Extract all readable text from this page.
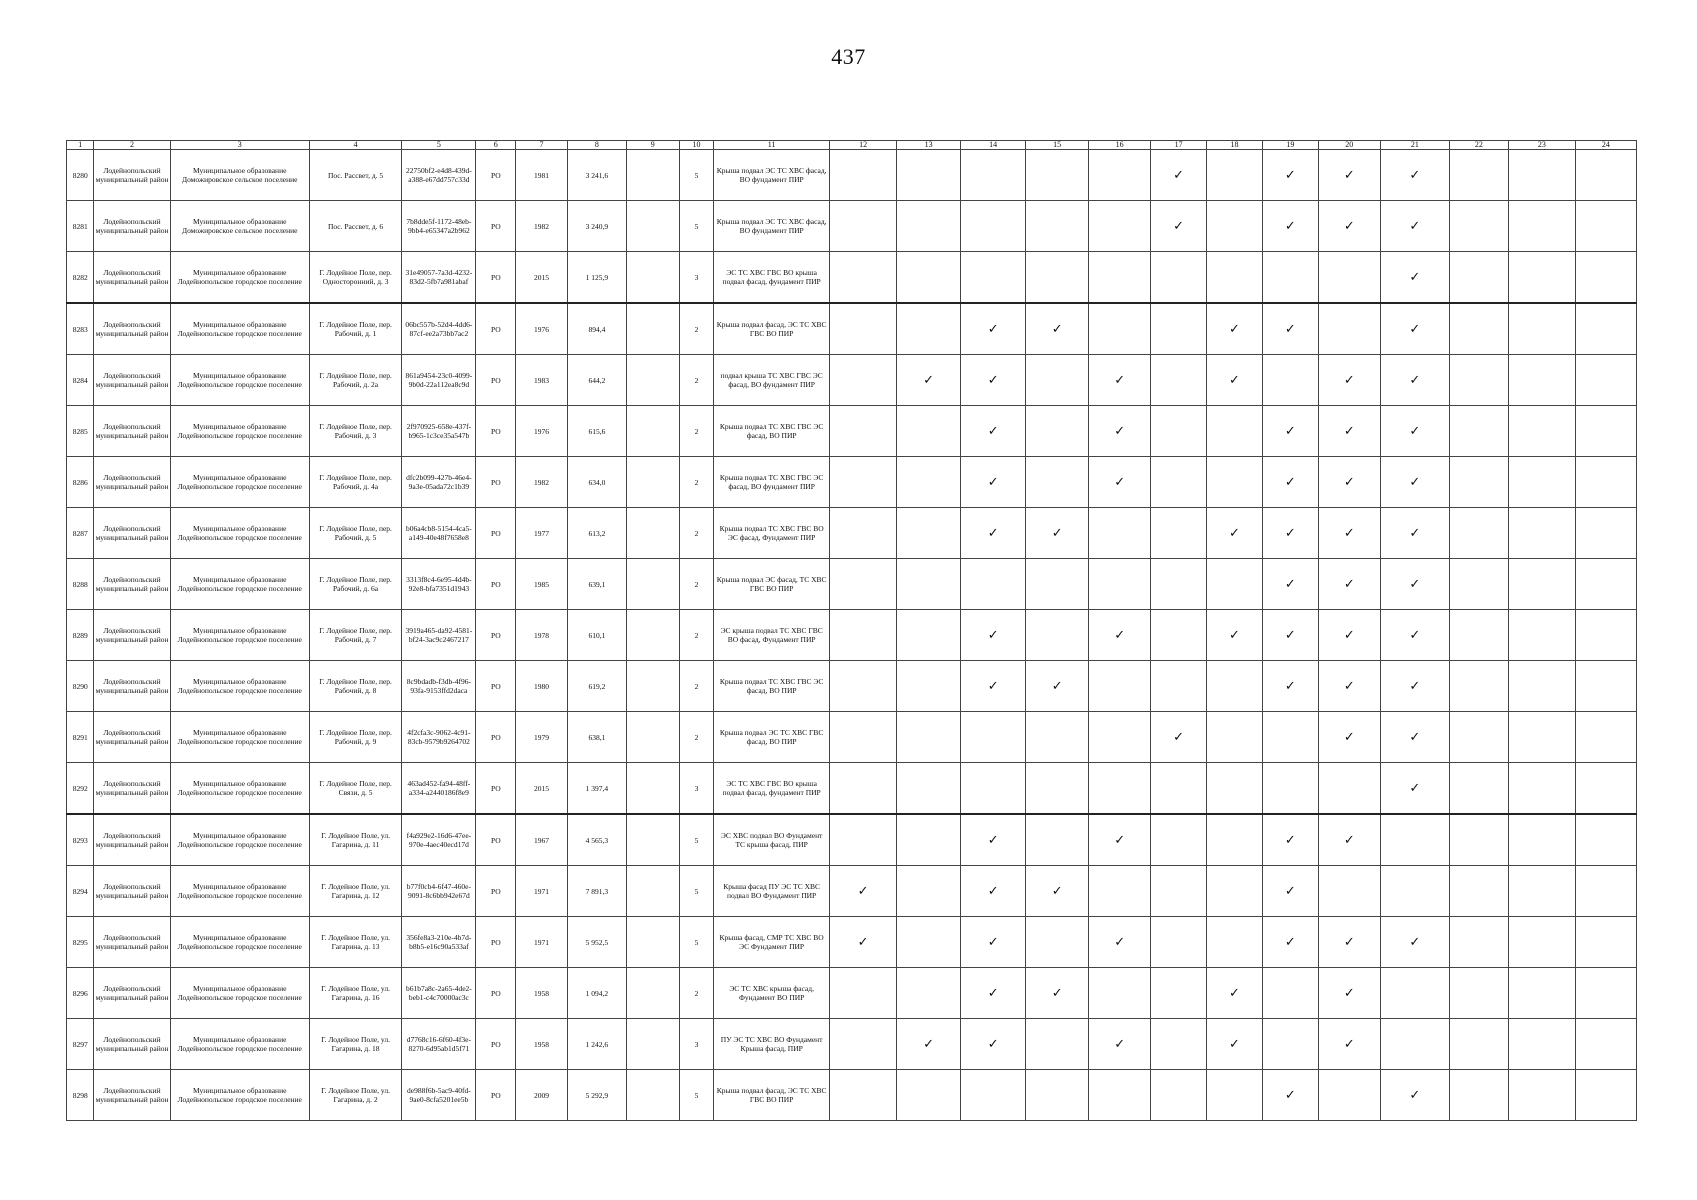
437
1	2	3	4	5	6	7	8	9	10	11	12	13	14	15	16	17	18	19	20	21	22	23	24
8280	Лодейнопольский муниципальный район	Муниципальное образование Доможировское сельское поселение	Пос. Рассвет, д. 5	22750bf2-e4d8-439d-a388-e67dd757c33d	РО	1981	3 241,6		5	Крыша подвал ЭС ТС ХВС фасад, ВО фундамент ПИР						✓		✓	✓	✓			
8281	Лодейнопольский муниципальный район	Муниципальное образование Доможировское сельское поселение	Пос. Рассвет, д. 6	7b8dde5f-1172-48eb-9bb4-e65347a2b962	РО	1982	3 240,9		5	Крыша подвал ЭС ТС ХВС фасад, ВО фундамент ПИР						✓		✓	✓	✓			
8282	Лодейнопольский муниципальный район	Муниципальное образование Лодейнопольское городское поселение	Г. Лодейное Поле, пер. Односторонний, д. 3	31e49057-7a3d-4232-83d2-5fb7a981abaf	РО	2015	1 125,9		3	ЭС ТС ХВС ГВС ВО крыша подвал фасад, фундамент ПИР										✓			
8283	Лодейнопольский муниципальный район	Муниципальное образование Лодейнопольское городское поселение	Г. Лодейное Поле, пер. Рабочий, д. 1	06bc557b-52d4-4dd6-87cf-ee2a73bb7ac2	РО	1976	894,4		2	Крыша подвал фасад, ЭС ТС ХВС ГВС ВО ПИР			✓	✓			✓	✓		✓			
8284	Лодейнопольский муниципальный район	Муниципальное образование Лодейнопольское городское поселение	Г. Лодейное Поле, пер. Рабочий, д. 2а	861a9454-23c0-4099-9b0d-22a112ea8c9d	РО	1983	644,2		2	подвал крыша ТС ХВС ГВС ЭС фасад, ВО фундамент ПИР		✓	✓		✓		✓		✓	✓			
8285	Лодейнопольский муниципальный район	Муниципальное образование Лодейнопольское городское поселение	Г. Лодейное Поле, пер. Рабочий, д. 3	2f970925-658e-437f-b965-1c3ce35a547b	РО	1976	615,6		2	Крыша подвал ТС ХВС ГВС ЭС фасад, ВО ПИР			✓		✓			✓	✓	✓			
8286	Лодейнопольский муниципальный район	Муниципальное образование Лодейнопольское городское поселение	Г. Лодейное Поле, пер. Рабочий, д. 4а	dfc2b099-427b-46e4-9a3e-05ada72c1b39	РО	1982	634,0		2	Крыша подвал ТС ХВС ГВС ЭС фасад, ВО фундамент ПИР			✓		✓			✓	✓	✓			
8287	Лодейнопольский муниципальный район	Муниципальное образование Лодейнопольское городское поселение	Г. Лодейное Поле, пер. Рабочий, д. 5	b06a4cb8-5154-4ca5-a149-40e48f7658e8	РО	1977	613,2		2	Крыша подвал ТС ХВС ГВС ВО ЭС фасад, Фундамент ПИР			✓	✓			✓	✓	✓	✓			
8288	Лодейнопольский муниципальный район	Муниципальное образование Лодейнопольское городское поселение	Г. Лодейное Поле, пер. Рабочий, д. 6а	3313f8c4-6e95-4d4b-92e8-bfa7351d1943	РО	1985	639,1		2	Крыша подвал ЭС фасад, ТС ХВС ГВС ВО ПИР								✓	✓	✓			
8289	Лодейнопольский муниципальный район	Муниципальное образование Лодейнопольское городское поселение	Г. Лодейное Поле, пер. Рабочий, д. 7	3919a465-da92-4581-bf24-3ac9c2467217	РО	1978	610,1		2	ЭС крыша подвал ТС ХВС ГВС ВО фасад, Фундамент ПИР			✓		✓		✓	✓	✓	✓			
8290	Лодейнопольский муниципальный район	Муниципальное образование Лодейнопольское городское поселение	Г. Лодейное Поле, пер. Рабочий, д. 8	8c9bdadb-f3db-4f96-93fa-9153ffd2dacа	РО	1980	619,2		2	Крыша подвал ТС ХВС ГВС ЭС фасад, ВО ПИР			✓	✓				✓	✓	✓			
8291	Лодейнопольский муниципальный район	Муниципальное образование Лодейнопольское городское поселение	Г. Лодейное Поле, пер. Рабочий, д. 9	4f2cfa3c-9062-4c91-83cb-9579b9264702	РО	1979	638,1		2	Крыша подвал ЭС ТС ХВС ГВС фасад, ВО ПИР						✓			✓	✓			
8292	Лодейнопольский муниципальный район	Муниципальное образование Лодейнопольское городское поселение	Г. Лодейное Поле, пер. Связи, д. 5	463ad452-fa94-48ff-a334-a2440186f8e9	РО	2015	1 397,4		3	ЭС ТС ХВС ГВС ВО крыша подвал фасад, фундамент ПИР										✓			
8293	Лодейнопольский муниципальный район	Муниципальное образование Лодейнопольское городское поселение	Г. Лодейное Поле, ул. Гагарина, д. 11	f4a929e2-16d6-47ee-970e-4aec40ecd17d	РО	1967	4 565,3		5	ЭС ХВС подвал ВО Фундамент ТС крыша фасад, ПИР			✓		✓			✓	✓				
8294	Лодейнопольский муниципальный район	Муниципальное образование Лодейнопольское городское поселение	Г. Лодейное Поле, ул. Гагарина, д. 12	b77f0cb4-6f47-460e-9091-8c6bb942e67d	РО	1971	7 891,3		5	Крыша фасад ПУ ЭС ТС ХВС подвал ВО Фундамент ПИР	✓		✓	✓				✓					
8295	Лодейнопольский муниципальный район	Муниципальное образование Лодейнопольское городское поселение	Г. Лодейное Поле, ул. Гагарина, д. 13	356fe8a3-210e-4b7d-b8b5-e16c90a533af	РО	1971	5 952,5		5	Крыша фасад, СМР ТС ХВС ВО ЭС Фундамент ПИР	✓		✓		✓			✓	✓	✓			
8296	Лодейнопольский муниципальный район	Муниципальное образование Лодейнопольское городское поселение	Г. Лодейное Поле, ул. Гагарина, д. 16	b61b7a8c-2a65-4de2-beb1-c4c70000ac3c	РО	1958	1 094,2		2	ЭС ТС ХВС крыша фасад, Фундамент ВО ПИР			✓	✓			✓		✓				
8297	Лодейнопольский муниципальный район	Муниципальное образование Лодейнопольское городское поселение	Г. Лодейное Поле, ул. Гагарина, д. 18	d7768c16-6f60-4f3e-8270-6d95ab1d5f71	РО	1958	1 242,6		3	ПУ ЭС ТС ХВС ВО Фундамент Крыша фасад, ПИР		✓	✓		✓		✓		✓				
8298	Лодейнопольский муниципальный район	Муниципальное образование Лодейнопольское городское поселение	Г. Лодейное Поле, ул. Гагарина, д. 2	de988f6b-5ac9-40fd-9ae0-8cfa5201ee5b	РО	2009	5 292,9		5	Крыша подвал фасад, ЭС ТС ХВС ГВС ВО ПИР								✓		✓			
